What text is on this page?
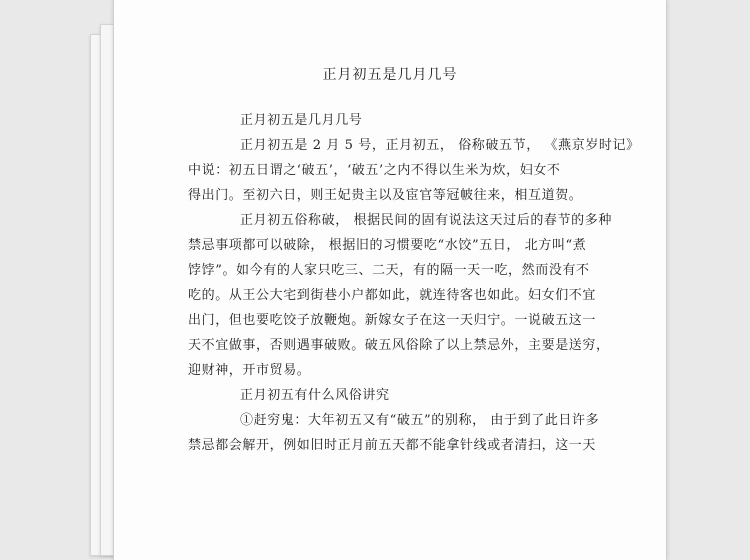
正月初五是几月几号
正月初五是几月几号
正月初五是 2 月 5 号，正月初五， 俗称破五节， 《燕京岁时记》
中说：初五日谓之‘破五’，‘破五’之内不得以生米为炊，妇女不
得出门。至初六日，则王妃贵主以及宦官等冠帔往来，相互道贺。
正月初五俗称破， 根据民间的固有说法这天过后的春节的多种
禁忌事项都可以破除， 根据旧的习惯要吃“水饺”五日， 北方叫“煮
饽饽”。如今有的人家只吃三、二天，有的隔一天一吃，然而没有不
吃的。从王公大宅到街巷小户都如此，就连待客也如此。妇女们不宜
出门，但也要吃饺子放鞭炮。新嫁女子在这一天归宁。一说破五这一
天不宜做事，否则遇事破败。破五风俗除了以上禁忌外，主要是送穷，
迎财神，开市贸易。
正月初五有什么风俗讲究
①赶穷鬼：大年初五又有“破五”的别称， 由于到了此日许多
禁忌都会解开，例如旧时正月前五天都不能拿针线或者清扫，这一天
